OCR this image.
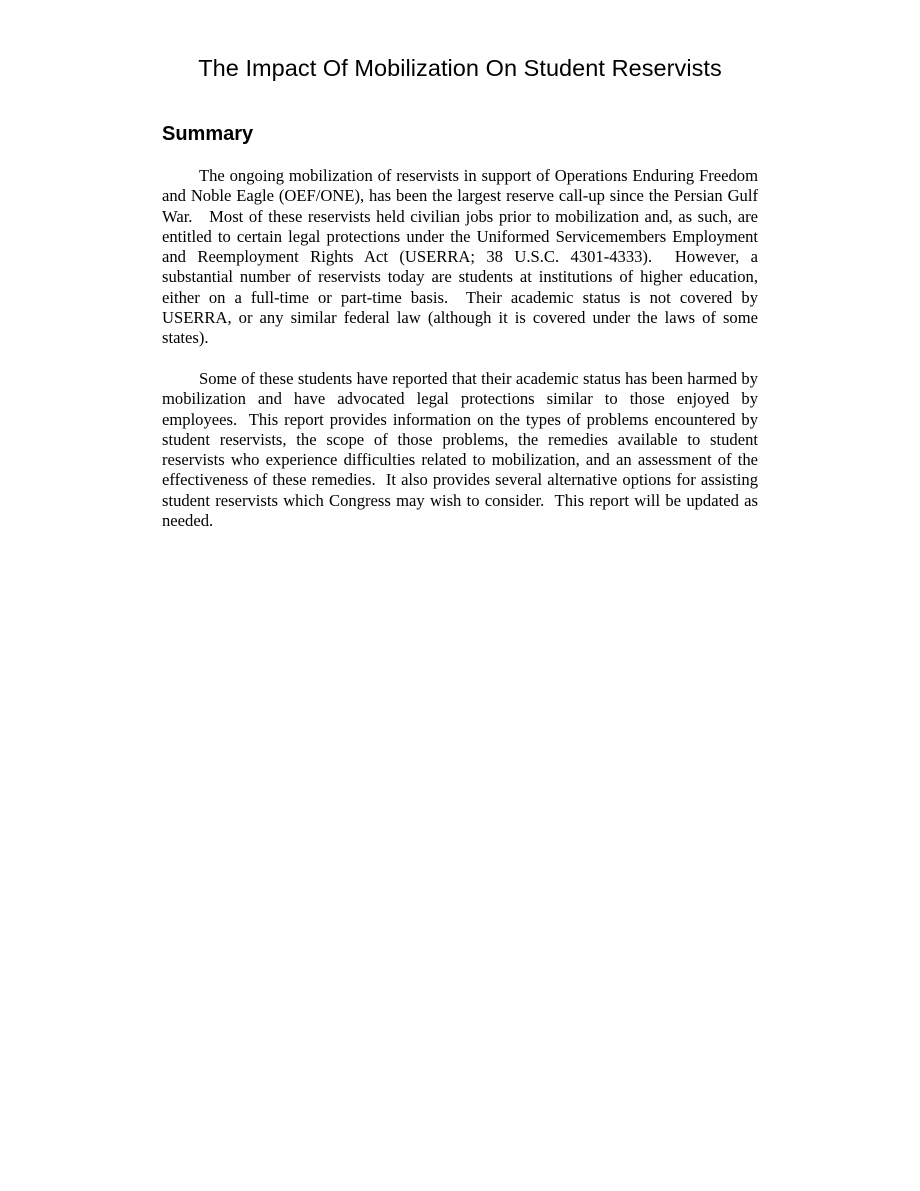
The Impact Of Mobilization On Student Reservists
Summary

The ongoing mobilization of reservists in support of Operations Enduring Freedom and Noble Eagle (OEF/ONE), has been the largest reserve call-up since the Persian Gulf War.   Most of these reservists held civilian jobs prior to mobilization and, as such, are entitled to certain legal protections under the Uniformed Servicemembers Employment and Reemployment Rights Act (USERRA; 38 U.S.C. 4301-4333).  However, a substantial number of reservists today are students at institutions of higher education, either on a full-time or part-time basis.  Their academic status is not covered by USERRA, or any similar federal law (although it is covered under the laws of some states).

Some of these students have reported that their academic status has been harmed by mobilization and have advocated legal protections similar to those enjoyed by employees.  This report provides information on the types of problems encountered by student reservists, the scope of those problems, the remedies available to student reservists who experience difficulties related to mobilization, and an assessment of the effectiveness of these remedies.  It also provides several alternative options for assisting student reservists which Congress may wish to consider.  This report will be updated as needed.
